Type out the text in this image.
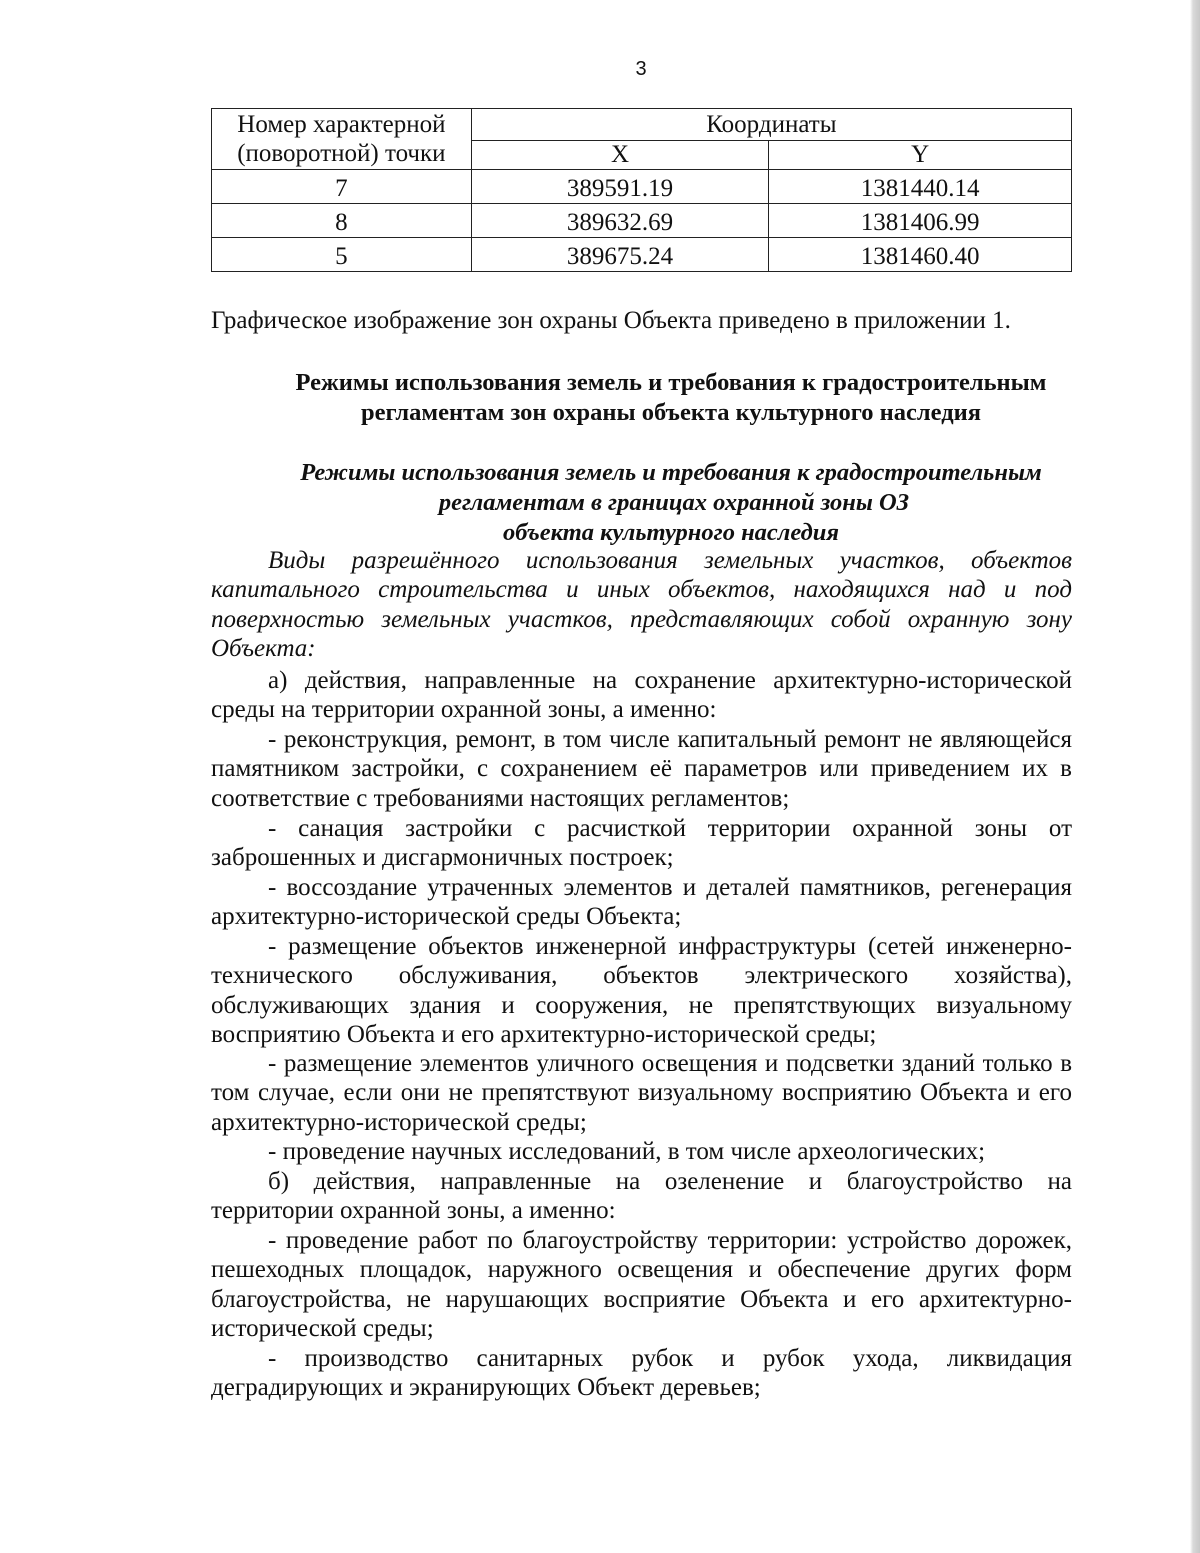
3
Номер характерной (поворотной) точки	Координаты	
	X	Y
7	389591.19	1381440.14
8	389632.69	1381406.99
5	389675.24	1381460.40

Графическое изображение зон охраны Объекта приведено в приложении 1.

Режимы использования земель и требования к градостроительным регламентам зон охраны объекта культурного наследия

Режимы использования земель и требования к градостроительным
регламентам в границах охранной зоны ОЗ
объекта культурного наследия

Виды разрешённого использования земельных участков, объектов капитального строительства и иных объектов, находящихся над и под поверхностью земельных участков, представляющих собой охранную зону Объекта:

а) действия, направленные на сохранение архитектурно-исторической среды на территории охранной зоны, а именно:

- реконструкция, ремонт, в том числе капитальный ремонт не являющейся памятником застройки, с сохранением её параметров или приведением их в соответствие с требованиями настоящих регламентов;

- санация застройки с расчисткой территории охранной зоны от заброшенных и дисгармоничных построек;

- воссоздание утраченных элементов и деталей памятников, регенерация архитектурно-исторической среды Объекта;

- размещение объектов инженерной инфраструктуры (сетей инженерно-технического обслуживания, объектов электрического хозяйства), обслуживающих здания и сооружения, не препятствующих визуальному восприятию Объекта и его архитектурно-исторической среды;

- размещение элементов уличного освещения и подсветки зданий только в том случае, если они не препятствуют визуальному восприятию Объекта и его архитектурно-исторической среды;

- проведение научных исследований, в том числе археологических;

б) действия, направленные на озеленение и благоустройство на территории охранной зоны, а именно:

- проведение работ по благоустройству территории: устройство дорожек, пешеходных площадок, наружного освещения и обеспечение других форм благоустройства, не нарушающих восприятие Объекта и его архитектурно-исторической среды;

- производство санитарных рубок и рубок ухода, ликвидация деградирующих и экранирующих Объект деревьев;
